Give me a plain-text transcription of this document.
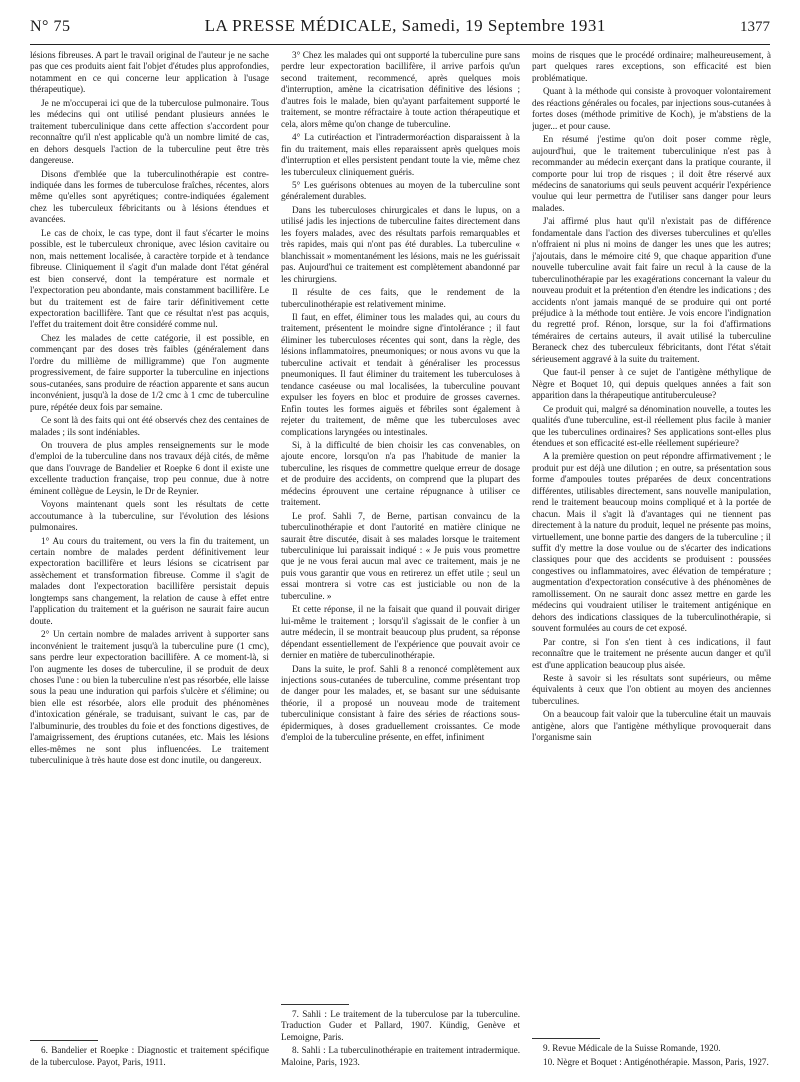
N° 75	LA PRESSE MÉDICALE, Samedi, 19 Septembre 1931	1377

lésions fibreuses. A part le travail original de l'auteur je ne sache pas que ces produits aient fait l'objet d'études plus approfondies, notamment en ce qui concerne leur application à l'usage thérapeutique).

Je ne m'occuperai ici que de la tuberculose pulmonaire. Tous les médecins qui ont utilisé pendant plusieurs années le traitement tuberculinique dans cette affection s'accordent pour reconnaître qu'il n'est applicable qu'à un nombre limité de cas, en dehors desquels l'action de la tuberculine peut être très dangereuse.

Disons d'emblée que la tuberculinothérapie est contre-indiquée dans les formes de tuberculose fraîches, récentes, alors même qu'elles sont apyrétiques; contre-indiquées également chez les tuberculeux fébricitants ou à lésions étendues et avancées.

Le cas de choix, le cas type, dont il faut s'écarter le moins possible, est le tuberculeux chronique, avec lésion cavitaire ou non, mais nettement localisée, à caractère torpide et à tendance fibreuse. Cliniquement il s'agit d'un malade dont l'état général est bien conservé, dont la température est normale et l'expectoration peu abondante, mais constamment bacillifère. Le but du traitement est de faire tarir définitivement cette expectoration bacillifère. Tant que ce résultat n'est pas acquis, l'effet du traitement doit être considéré comme nul.

Chez les malades de cette catégorie, il est possible, en commençant par des doses très faibles (généralement dans l'ordre du millième de milligramme) que l'on augmente progressivement, de faire supporter la tuberculine en injections sous-cutanées, sans produire de réaction apparente et sans aucun inconvénient, jusqu'à la dose de 1/2 cmc à 1 cmc de tuberculine pure, répétée deux fois par semaine.

Ce sont là des faits qui ont été observés chez des centaines de malades ; ils sont indéniables.

On trouvera de plus amples renseignements sur le mode d'emploi de la tuberculine dans nos travaux déjà cités, de même que dans l'ouvrage de Bandelier et Roepke 6 dont il existe une excellente traduction française, trop peu connue, due à notre éminent collègue de Leysin, le Dr de Reynier.

Voyons maintenant quels sont les résultats de cette accoutumance à la tuberculine, sur l'évolution des lésions pulmonaires.

1° Au cours du traitement, ou vers la fin du traitement, un certain nombre de malades perdent définitivement leur expectoration bacillifère et leurs lésions se cicatrisent par assèchement et transformation fibreuse. Comme il s'agit de malades dont l'expectoration bacillifère persistait depuis longtemps sans changement, la relation de cause à effet entre l'application du traitement et la guérison ne saurait faire aucun doute.

2° Un certain nombre de malades arrivent à supporter sans inconvénient le traitement jusqu'à la tuberculine pure (1 cmc), sans perdre leur expectoration bacillifère. A ce moment-là, si l'on augmente les doses de tuberculine, il se produit de deux choses l'une : ou bien la tuberculine n'est pas résorbée, elle laisse sous la peau une induration qui parfois s'ulcère et s'élimine; ou bien elle est résorbée, alors elle produit des phénomènes d'intoxication générale, se traduisant, suivant le cas, par de l'albuminurie, des troubles du foie et des fonctions digestives, de l'amaigrissement, des éruptions cutanées, etc. Mais les lésions elles-mêmes ne sont plus influencées. Le traitement tuberculinique à très haute dose est donc inutile, ou dangereux.

6. Bandelier et Roepke : Diagnostic et traitement spécifique de la tuberculose. Payot, Paris, 1911.

3° Chez les malades qui ont supporté la tuberculine pure sans perdre leur expectoration bacillifère, il arrive parfois qu'un second traitement, recommencé, après quelques mois d'interruption, amène la cicatrisation définitive des lésions ; d'autres fois le malade, bien qu'ayant parfaitement supporté le traitement, se montre réfractaire à toute action thérapeutique et cela, alors même qu'on change de tuberculine.

4° La cutiréaction et l'intradermoréaction disparaissent à la fin du traitement, mais elles reparaissent après quelques mois d'interruption et elles persistent pendant toute la vie, même chez les tuberculeux cliniquement guéris.

5° Les guérisons obtenues au moyen de la tuberculine sont généralement durables.

Dans les tuberculoses chirurgicales et dans le lupus, on a utilisé jadis les injections de tuberculine faites directement dans les foyers malades, avec des résultats parfois remarquables et très rapides, mais qui n'ont pas été durables. La tuberculine « blanchissait » momentanément les lésions, mais ne les guérissait pas. Aujourd'hui ce traitement est complètement abandonné par les chirurgiens.

Il résulte de ces faits, que le rendement de la tuberculinothérapie est relativement minime.

Il faut, en effet, éliminer tous les malades qui, au cours du traitement, présentent le moindre signe d'intolérance ; il faut éliminer les tuberculoses récentes qui sont, dans la règle, des lésions inflammatoires, pneumoniques; or nous avons vu que la tuberculine activait et tendait à généraliser les processus pneumoniques. Il faut éliminer du traitement les tuberculoses à tendance caséeuse ou mal localisées, la tuberculine pouvant expulser les foyers en bloc et produire de grosses cavernes. Enfin toutes les formes aiguës et fébriles sont également à rejeter du traitement, de même que les tuberculoses avec complications laryngées ou intestinales.

Si, à la difficulté de bien choisir les cas convenables, on ajoute encore, lorsqu'on n'a pas l'habitude de manier la tuberculine, les risques de commettre quelque erreur de dosage et de produire des accidents, on comprend que la plupart des médecins éprouvent une certaine répugnance à utiliser ce traitement.

Le prof. Sahli 7, de Berne, partisan convaincu de la tuberculinothérapie et dont l'autorité en matière clinique ne saurait être discutée, disait à ses malades lorsque le traitement tuberculinique lui paraissait indiqué : « Je puis vous promettre que je ne vous ferai aucun mal avec ce traitement, mais je ne puis vous garantir que vous en retirerez un effet utile ; seul un essai montrera si votre cas est justiciable ou non de la tuberculine. »

Et cette réponse, il ne la faisait que quand il pouvait diriger lui-même le traitement ; lorsqu'il s'agissait de le confier à un autre médecin, il se montrait beaucoup plus prudent, sa réponse dépendant essentiellement de l'expérience que pouvait avoir ce dernier en matière de tuberculinothérapie.

Dans la suite, le prof. Sahli 8 a renoncé complètement aux injections sous-cutanées de tuberculine, comme présentant trop de danger pour les malades, et, se basant sur une séduisante théorie, il a proposé un nouveau mode de traitement tuberculinique consistant à faire des séries de réactions sous-épidermiques, à doses graduellement croissantes. Ce mode d'emploi de la tuberculine présente, en effet, infiniment

7. Sahli : Le traitement de la tuberculose par la tuberculine. Traduction Guder et Pallard, 1907. Kündig, Genève et Lemoigne, Paris.

8. Sahli : La tuberculinothérapie en traitement intradermique. Maloine, Paris, 1923.

moins de risques que le procédé ordinaire; malheureusement, à part quelques rares exceptions, son efficacité est bien problématique.

Quant à la méthode qui consiste à provoquer volontairement des réactions générales ou focales, par injections sous-cutanées à fortes doses (méthode primitive de Koch), je m'abstiens de la juger... et pour cause.

En résumé j'estime qu'on doit poser comme règle, aujourd'hui, que le traitement tuberculinique n'est pas à recommander au médecin exerçant dans la pratique courante, il comporte pour lui trop de risques ; il doit être réservé aux médecins de sanatoriums qui seuls peuvent acquérir l'expérience voulue qui leur permettra de l'utiliser sans danger pour leurs malades.

J'ai affirmé plus haut qu'il n'existait pas de différence fondamentale dans l'action des diverses tuberculines et qu'elles n'offraient ni plus ni moins de danger les unes que les autres; j'ajoutais, dans le mémoire cité 9, que chaque apparition d'une nouvelle tuberculine avait fait faire un recul à la cause de la tuberculinothérapie par les exagérations concernant la valeur du nouveau produit et la prétention d'en étendre les indications ; des accidents n'ont jamais manqué de se produire qui ont porté préjudice à la méthode tout entière. Je vois encore l'indignation du regretté prof. Rénon, lorsque, sur la foi d'affirmations téméraires de certains auteurs, il avait utilisé la tuberculine Beraneck chez des tuberculeux fébricitants, dont l'état s'était sérieusement aggravé à la suite du traitement.

Que faut-il penser à ce sujet de l'antigène méthylique de Nègre et Boquet 10, qui depuis quelques années a fait son apparition dans la thérapeutique antituberculeuse?

Ce produit qui, malgré sa dénomination nouvelle, a toutes les qualités d'une tuberculine, est-il réellement plus facile à manier que les tuberculines ordinaires? Ses applications sont-elles plus étendues et son efficacité est-elle réellement supérieure?

A la première question on peut répondre affirmativement ; le produit pur est déjà une dilution ; en outre, sa présentation sous forme d'ampoules toutes préparées de deux concentrations différentes, utilisables directement, sans nouvelle manipulation, rend le traitement beaucoup moins compliqué et à la portée de chacun. Mais il s'agit là d'avantages qui ne tiennent pas directement à la nature du produit, lequel ne présente pas moins, virtuellement, une bonne partie des dangers de la tuberculine ; il suffit d'y mettre la dose voulue ou de s'écarter des indications classiques pour que des accidents se produisent : poussées congestives ou inflammatoires, avec élévation de température ; augmentation d'expectoration consécutive à des phénomènes de ramollissement. On ne saurait donc assez mettre en garde les médecins qui voudraient utiliser le traitement antigénique en dehors des indications classiques de la tuberculinothérapie, si souvent formulées au cours de cet exposé.

Par contre, si l'on s'en tient à ces indications, il faut reconnaître que le traitement ne présente aucun danger et qu'il est d'une application beaucoup plus aisée.

Reste à savoir si les résultats sont supérieurs, ou même équivalents à ceux que l'on obtient au moyen des anciennes tuberculines.

On a beaucoup fait valoir que la tuberculine était un mauvais antigène, alors que l'antigène méthylique provoquerait dans l'organisme sain

9. Revue Médicale de la Suisse Romande, 1920.

10. Nègre et Boquet : Antigénothérapie. Masson, Paris, 1927.
